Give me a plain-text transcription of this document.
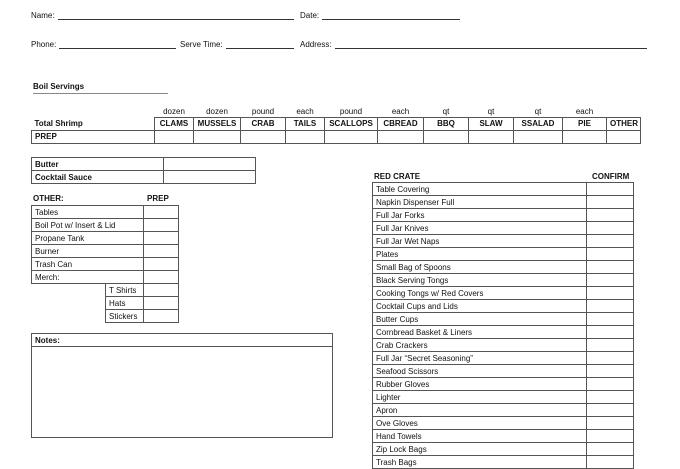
Name:	Date:
Phone:	Serve Time:	Address:
Boil Servings
	dozen	dozen	pound	each	pound	each	qt	qt	qt	each	
Total Shrimp	CLAMS	MUSSELS	CRAB	TAILS	SCALLOPS	CBREAD	BBQ	SLAW	SSALAD	PIE	OTHER
PREP											
Butter	
Cocktail Sauce	
OTHER:	PREP
Tables		
Boil Pot w/ Insert & Lid		
Propane Tank		
Burner		
Trash Can		
Merch:		
	T Shirts	
	Hats	
	Stickers	
Notes:
RED CRATE	CONFIRM
Table Covering	
Napkin Dispenser Full	
Full Jar Forks	
Full Jar Knives	
Full Jar Wet Naps	
Plates	
Small Bag of Spoons	
Black Serving Tongs	
Cooking Tongs w/ Red Covers	
Cocktail Cups and Lids	
Butter Cups	
Cornbread Basket & Liners	
Crab Crackers	
Full Jar “Secret Seasoning”	
Seafood Scissors	
Rubber Gloves	
Lighter	
Apron	
Ove Gloves	
Hand Towels	
Zip Lock Bags	
Trash Bags	
